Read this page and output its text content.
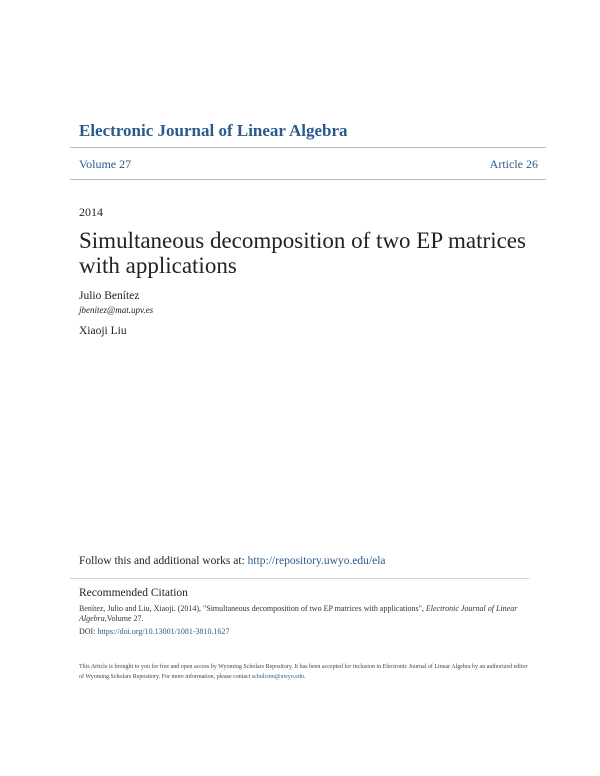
Electronic Journal of Linear Algebra
Volume 27	Article 26
2014
Simultaneous decomposition of two EP matrices with applications
Julio Benítez
jbenitez@mat.upv.es
Xiaoji Liu
Follow this and additional works at: http://repository.uwyo.edu/ela
Recommended Citation
Benítez, Julio and Liu, Xiaoji. (2014), "Simultaneous decomposition of two EP matrices with applications", Electronic Journal of Linear Algebra,Volume 27.
DOI: https://doi.org/10.13001/1081-3810.1627
This Article is brought to you for free and open access by Wyoming Scholars Repository. It has been accepted for inclusion in Electronic Journal of Linear Algebra by an authorized editor of Wyoming Scholars Repository. For more information, please contact scholcom@uwyo.edu.
